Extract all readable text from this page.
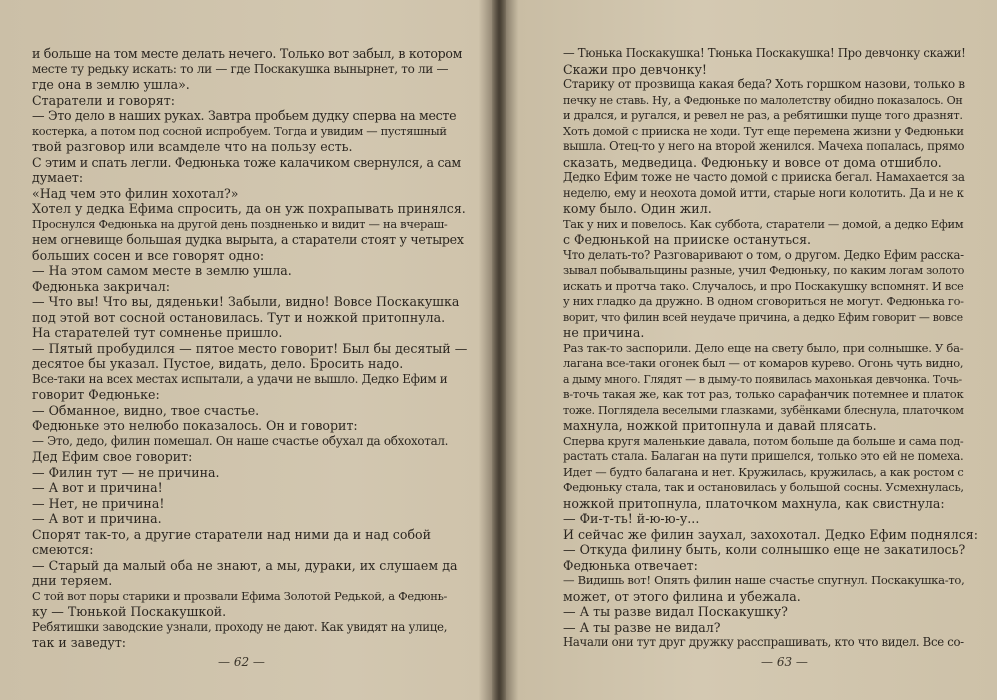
и больше на том месте делать нечего. Только вот забыл, в котором
месте ту редьку искать: то ли — где Поскакушка вынырнет, то ли —
где она в землю ушла».
Старатели и говорят:
— Это дело в наших руках. Завтра пробьем дудку сперва на месте
костерка, а потом под сосной испробуем. Тогда и увидим — пустяшный
твой разговор или всамделе что на пользу есть.
С этим и спать легли. Федюнька тоже калачиком свернулся, а сам
думает:
«Над чем это филин хохотал?»
Хотел у дедка Ефима спросить, да он уж похрапывать принялся.
Проснулся Федюнька на другой день поздненько и видит — на вчераш-
нем огневище большая дудка вырыта, а старатели стоят у четырех
больших сосен и все говорят одно:
— На этом самом месте в землю ушла.
Федюнька закричал:
— Что вы! Что вы, дяденьки! Забыли, видно! Вовсе Поскакушка
под этой вот сосной остановилась. Тут и ножкой притопнула.
На старателей тут сомненье пришло.
— Пятый пробудился — пятое место говорит! Был бы десятый —
десятое бы указал. Пустое, видать, дело. Бросить надо.
Все-таки на всех местах испытали, а удачи не вышло. Дедко Ефим и
говорит Федюньке:
— Обманное, видно, твое счастье.
Федюньке это нелюбо показалось. Он и говорит:
— Это, дедо, филин помешал. Он наше счастье обухал да обхохотал.
Дед Ефим свое говорит:
— Филин тут — не причина.
— А вот и причина!
— Нет, не причина!
— А вот и причина.
Спорят так-то, а другие старатели над ними да и над собой
смеются:
— Старый да малый оба не знают, а мы, дураки, их слушаем да
дни теряем.
С той вот поры старики и прозвали Ефима Золотой Редькой, а Федюнь-
ку — Тюнькой Поскакушкой.
Ребятишки заводские узнали, проходу не дают. Как увидят на улице,
так и заведут:
— 62 —
— Тюнька Поскакушка! Тюнька Поскакушка! Про девчонку скажи!
Скажи про девчонку!
Старику от прозвища какая беда? Хоть горшком назови, только в
печку не ставь. Ну, а Федюньке по малолетству обидно показалось. Он
и дрался, и ругался, и ревел не раз, а ребятишки пуще того дразнят.
Хоть домой с прииска не ходи. Тут еще перемена жизни у Федюньки
вышла. Отец-то у него на второй женился. Мачеха попалась, прямо
сказать, медведица. Федюньку и вовсе от дома отшибло.
Дедко Ефим тоже не часто домой с прииска бегал. Намахается за
неделю, ему и неохота домой итти, старые ноги колотить. Да и не к
кому было. Один жил.
Так у них и повелось. Как суббота, старатели — домой, а дедко Ефим
с Федюнькой на прииске остануться.
Что делать-то? Разговаривают о том, о другом. Дедко Ефим расска-
зывал побывальщины разные, учил Федюньку, по каким логам золото
искать и протча тако. Случалось, и про Поскакушку вспомнят. И все
у них гладко да дружно. В одном сговориться не могут. Федюнька го-
ворит, что филин всей неудаче причина, а дедко Ефим говорит — вовсе
не причина.
Раз так-то заспорили. Дело еще на свету было, при солнышке. У ба-
лагана все-таки огонек был — от комаров курево. Огонь чуть видно,
а дыму много. Глядят — в дыму-то появилась махонькая девчонка. Точь-
в-точь такая же, как тот раз, только сарафанчик потемнее и платок
тоже. Поглядела веселыми глазками, зубёнками блеснула, платочком
махнула, ножкой притопнула и давай плясать.
Сперва кругя маленькие давала, потом больше да больше и сама под-
растать стала. Балаган на пути пришелся, только это ей не помеха.
Идет — будто балагана и нет. Кружилась, кружилась, а как ростом с
Федюньку стала, так и остановилась у большой сосны. Усмехнулась,
ножкой притопнула, платочком махнула, как свистнула:
— Фи-т-ть! й-ю-ю-у...
И сейчас же филин заухал, захохотал. Дедко Ефим поднялся:
— Откуда филину быть, коли солнышко еще не закатилось?
Федюнька отвечает:
— Видишь вот! Опять филин наше счастье спугнул. Поскакушка-то,
может, от этого филина и убежала.
— А ты разве видал Поскакушку?
— А ты разве не видал?
Начали они тут друг дружку расспрашивать, кто что видел. Все со-
— 63 —
